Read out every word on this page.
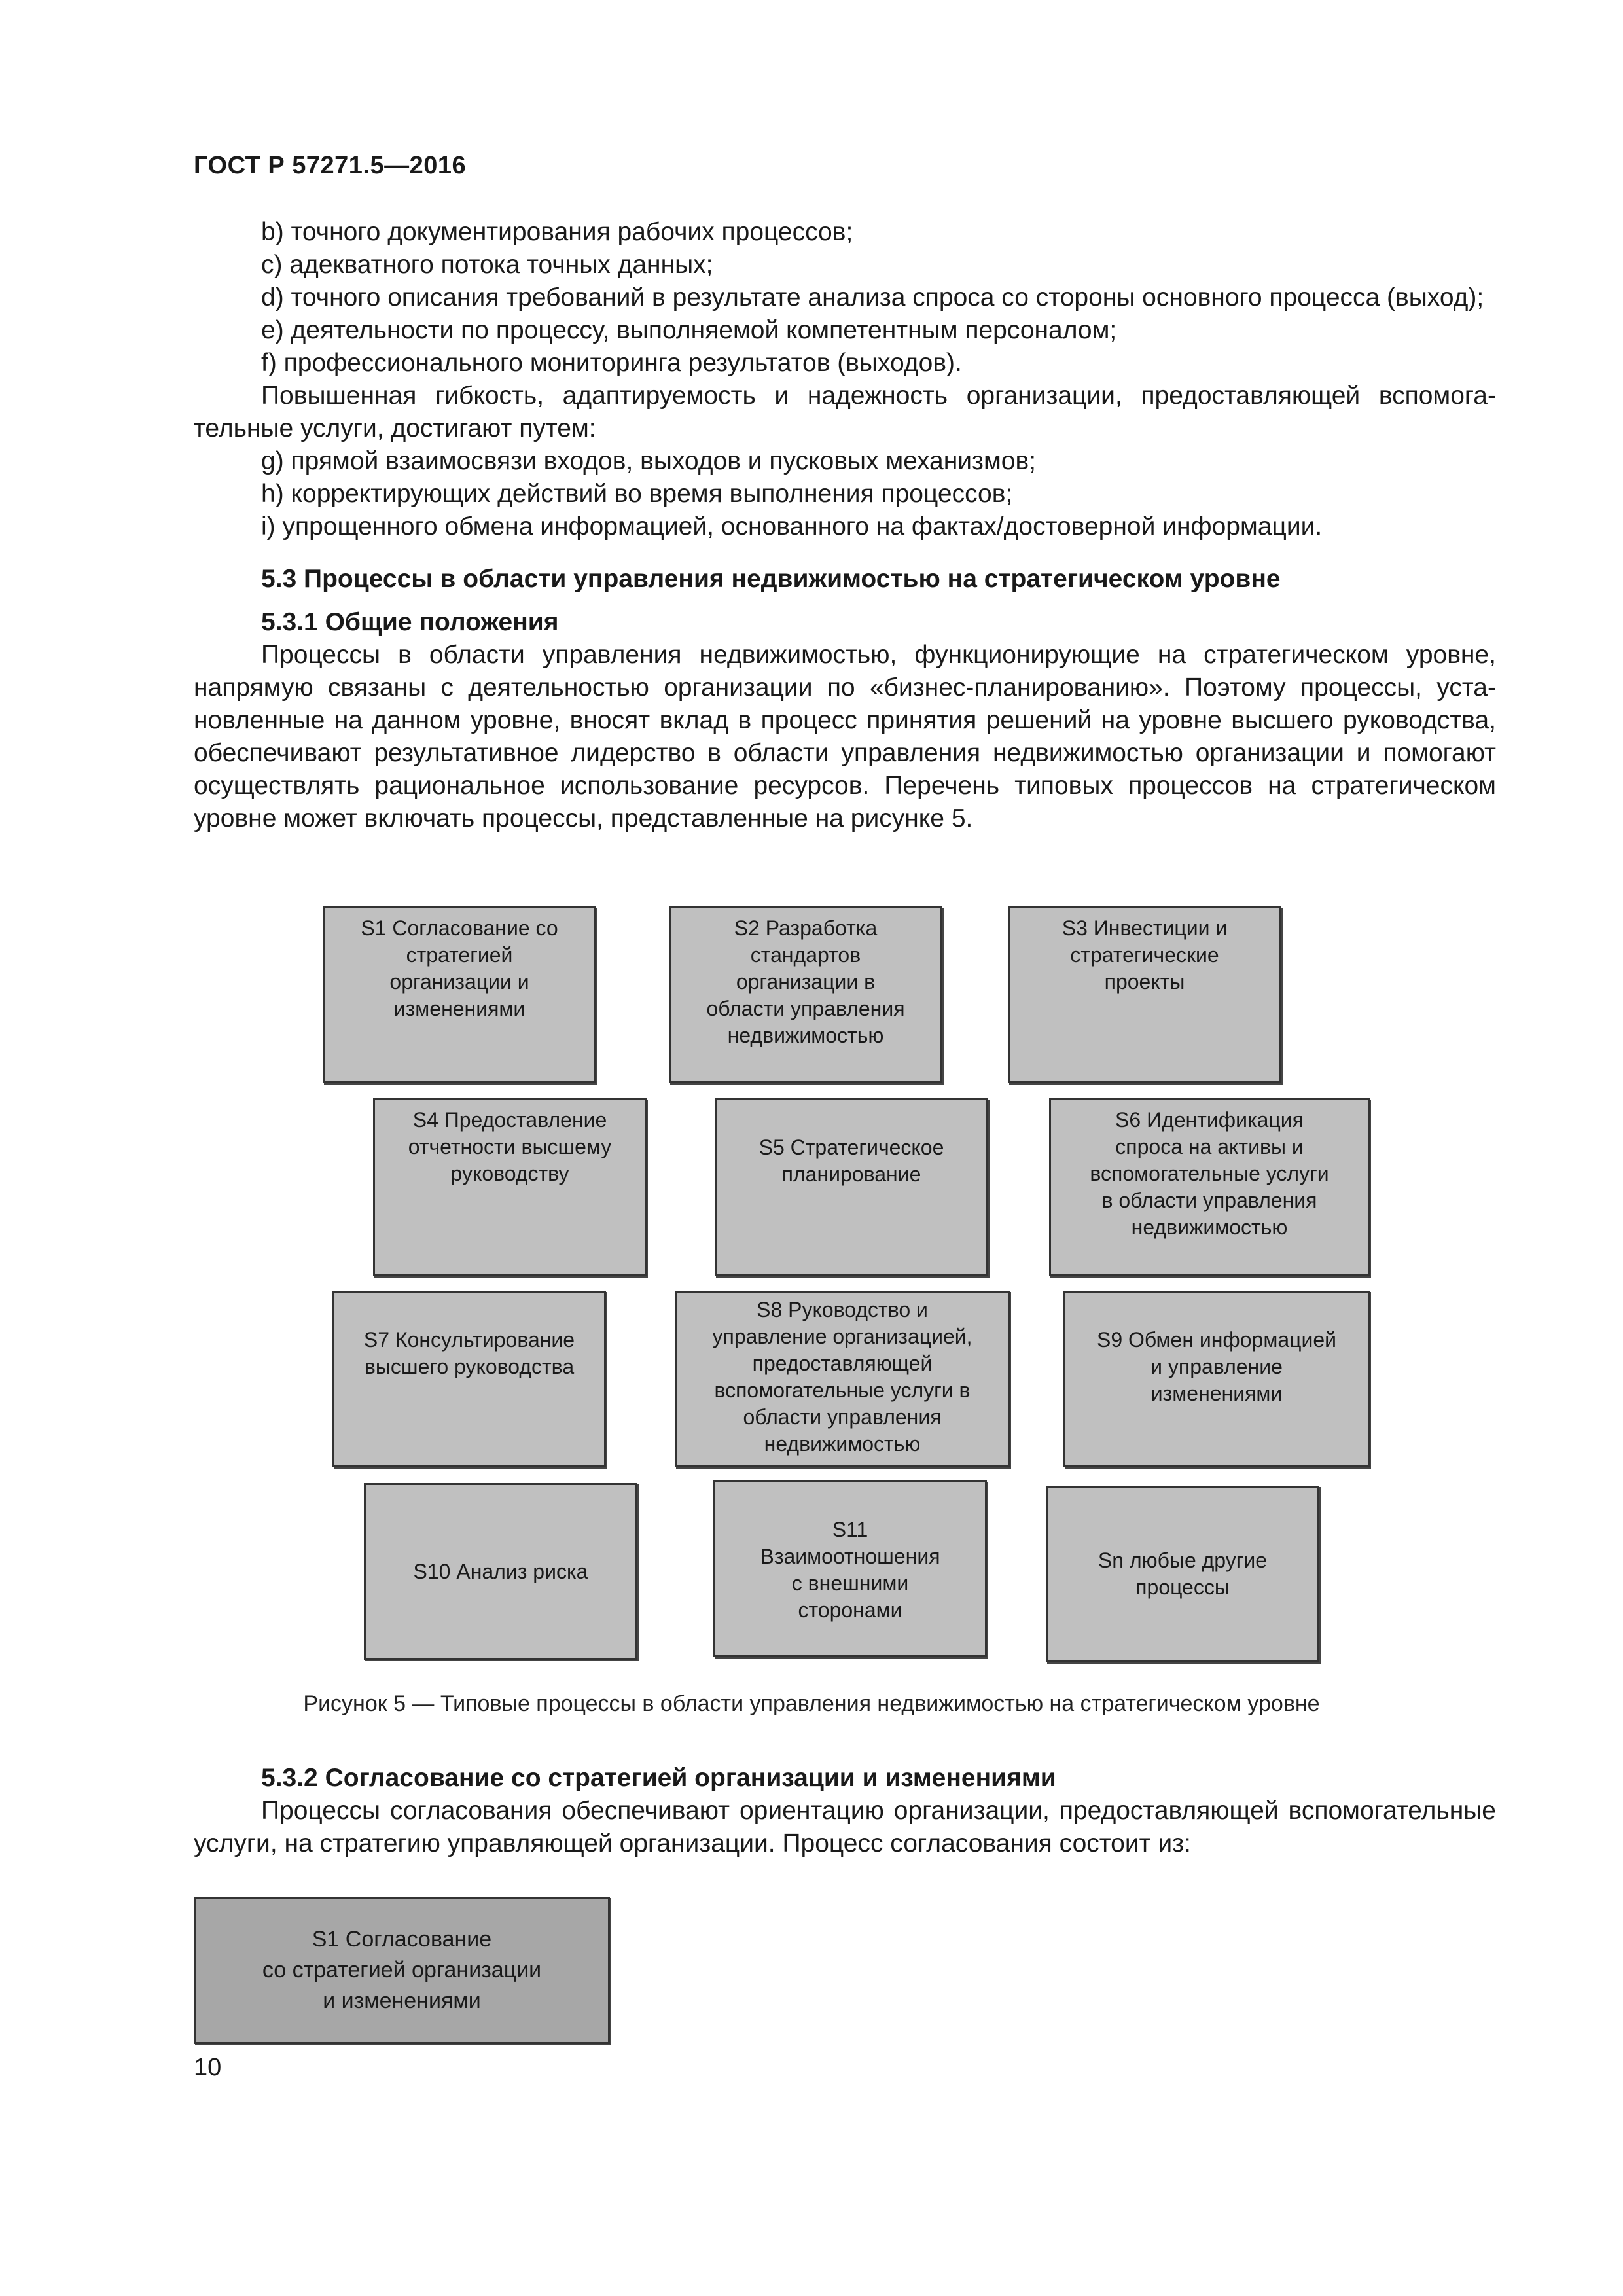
ГОСТ Р 57271.5—2016

b) точного документирования рабочих процессов;

c) адекватного потока точных данных;

d) точного описания требований в результате анализа спроса со стороны основного процесса (выход);

e) деятельности по процессу, выполняемой компетентным персоналом;

f) профессионального мониторинга результатов (выходов).

Повышенная гибкость, адаптируемость и надежность организации, предоставляющей вспомогательные услуги, достигают путем:

g) прямой взаимосвязи входов, выходов и пусковых механизмов;

h) корректирующих действий во время выполнения процессов;

i) упрощенного обмена информацией, основанного на фактах/достоверной информации.

5.3 Процессы в области управления недвижимостью на стратегическом уровне

5.3.1 Общие положения

Процессы в области управления недвижимостью, функционирующие на стратегическом уровне, напрямую связаны с деятельностью организации по «бизнес-планированию». Поэтому процессы, установленные на данном уровне, вносят вклад в процесс принятия решений на уровне высшего руководства, обеспечивают результативное лидерство в области управления недвижимостью организации и помогают осуществлять рациональное использование ресурсов. Перечень типовых процессов на стратегическом уровне может включать процессы, представленные на рисунке 5.

S1 Согласование со
стратегией
организации и
изменениями
S2 Разработка
стандартов
организации в
области управления
недвижимостью
S3 Инвестиции и
стратегические
проекты
S4 Предоставление
отчетности высшему
руководству
S5 Стратегическое
планирование
S6 Идентификация
спроса на активы и
вспомогательные услуги
в области управления
недвижимостью
S7 Консультирование
высшего руководства
S8 Руководство и
управление организацией,
предоставляющей
вспомогательные услуги в
области управления
недвижимостью
S9 Обмен информацией
и управление
изменениями
S10 Анализ риска
S11
Взаимоотношения
с внешними
сторонами
Sn любые другие
процессы
Рисунок 5 — Типовые процессы в области управления недвижимостью на стратегическом уровне

5.3.2 Согласование со стратегией организации и изменениями

Процессы согласования обеспечивают ориентацию организации, предоставляющей вспомогательные услуги, на стратегию управляющей организации. Процесс согласования состоит из:

S1 Согласование
со стратегией организации
и изменениями
10
